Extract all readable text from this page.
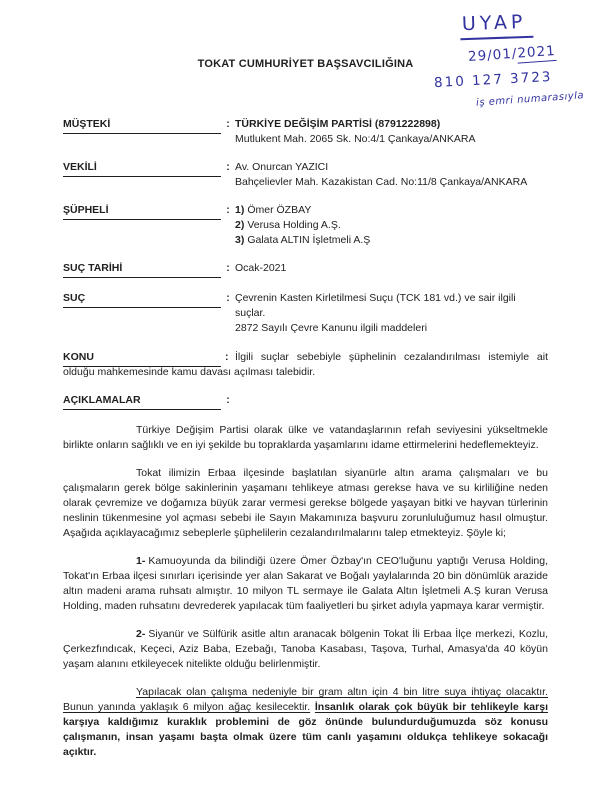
UYAP
29/01/2021
810 127 3723
iş emri numarasıyla
TOKAT CUMHURİYET BAŞSAVCILIĞINA
MÜŞTEKİ	: TÜRKİYE DEĞİŞİM PARTİSİ (8791222898)
Mutlukent Mah. 2065 Sk. No:4/1 Çankaya/ANKARA
VEKİLİ	: Av. Onurcan YAZICI
Bahçelievler Mah. Kazakistan Cad. No:11/8 Çankaya/ANKARA
ŞÜPHELİ	: 1) Ömer ÖZBAY
2) Verusa Holding A.Ş.
3) Galata ALTIN İşletmeli A.Ş
SUÇ TARİHİ	: Ocak-2021
SUÇ	: Çevrenin Kasten Kirletilmesi Suçu (TCK 181 vd.) ve sair ilgili suçlar.
2872 Sayılı Çevre Kanunu ilgili maddeleri
KONU	: İlgili suçlar sebebiyle şüphelinin cezalandırılması istemiyle ait olduğu mahkemesinde kamu davası açılması talebidir.

AÇIKLAMALAR	:

Türkiye Değişim Partisi olarak ülke ve vatandaşlarının refah seviyesini yükseltmekle birlikte onların sağlıklı ve en iyi şekilde bu topraklarda yaşamlarını idame ettirmelerini hedeflemekteyiz.

Tokat ilimizin Erbaa ilçesinde başlatılan siyanürle altın arama çalışmaları ve bu çalışmaların gerek bölge sakinlerinin yaşamanı tehlikeye atması gerekse hava ve su kirliliğine neden olarak çevremize ve doğamıza büyük zarar vermesi gerekse bölgede yaşayan bitki ve hayvan türlerinin neslinin tükenmesine yol açması sebebi ile Sayın Makamınıza başvuru zorunluluğumuz hasıl olmuştur. Aşağıda açıklayacağımız sebeplerle şüphelilerin cezalandırılmalarını talep etmekteyiz. Şöyle ki;

1- Kamuoyunda da bilindiği üzere Ömer Özbay'ın CEO'luğunu yaptığı Verusa Holding, Tokat'ın Erbaa ilçesi sınırları içerisinde yer alan Sakarat ve Boğalı yaylalarında 20 bin dönümlük arazide altın madeni arama ruhsatı almıştır. 10 milyon TL sermaye ile Galata Altın İşletmeli A.Ş kuran Verusa Holding, maden ruhsatını devrederek yapılacak tüm faaliyetleri bu şirket adıyla yapmaya karar vermiştir.

2- Siyanür ve Sülfürik asitle altın aranacak bölgenin Tokat İli Erbaa İlçe merkezi, Kozlu, Çerkezfındıcak, Keçeci, Aziz Baba, Ezebağı, Tanoba Kasabası, Taşova, Turhal, Amasya'da 40 köyün yaşam alanını etkileyecek nitelikte olduğu belirlenmiştir.

Yapılacak olan çalışma nedeniyle bir gram altın için 4 bin litre suya ihtiyaç olacaktır. Bunun yanında yaklaşık 6 milyon ağaç kesilecektir. İnsanlık olarak çok büyük bir tehlikeyle karşı karşıya kaldığımız kuraklık problemini de göz önünde bulundurduğumuzda söz konusu çalışmanın, insan yaşamı başta olmak üzere tüm canlı yaşamını oldukça tehlikeye sokacağı açıktır.
